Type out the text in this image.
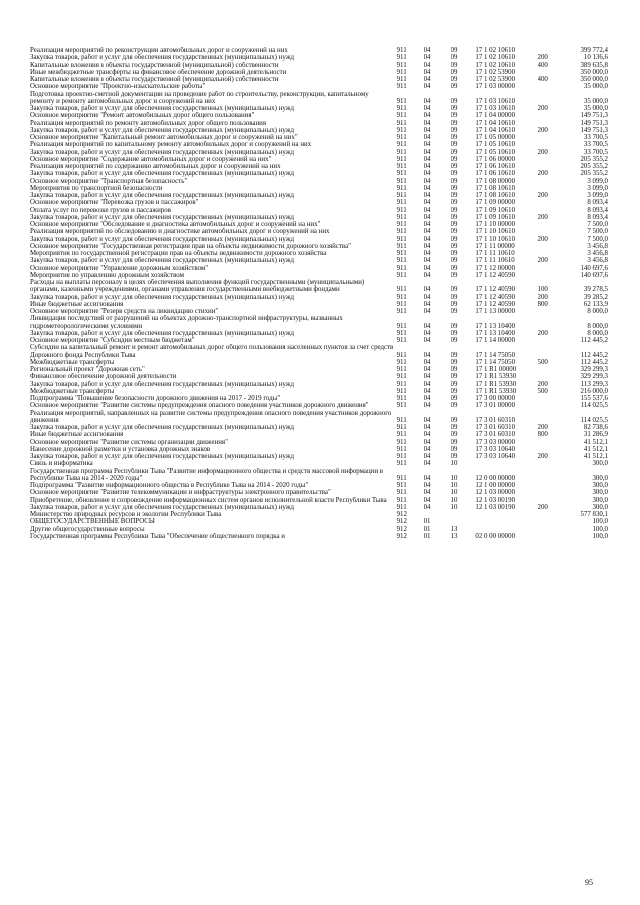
Реализация мероприятий по реконструкции автомобильных дорог и сооружений на них	911	04	09	17 1 02 10610		399 772,4
Закупка товаров, работ и услуг для обеспечения государственных (муниципальных) нужд	911	04	09	17 1 02 10610	200	10 136,6
Капитальные вложения в объекты государственной (муниципальной) собственности	911	04	09	17 1 02 10610	400	389 635,8
Иные межбюджетные трансферты на финансовое обеспечение дорожной деятельности	911	04	09	17 1 02 53900		350 000,0
Капитальные вложения в объекты государственной (муниципальной) собственности	911	04	09	17 1 02 53900	400	350 000,0
Основное мероприятие "Проектно-изыскательские работы"	911	04	09	17 1 03 00000		35 000,0
Подготовка проектно-сметной документации на проведение работ по строительству, реконструкции, капитальному ремонту и ремонту автомобильных дорог и сооружений на них	911	04	09	17 1 03 10610		35 000,0
Закупка товаров, работ и услуг для обеспечения государственных (муниципальных) нужд	911	04	09	17 1 03 10610	200	35 000,0
Основное мероприятие "Ремонт автомобильных дорог общего пользования"	911	04	09	17 1 04 00000		149 751,3
Реализация мероприятий по ремонту автомобильных дорог общего пользования	911	04	09	17 1 04 10610		149 751,3
Закупка товаров, работ и услуг для обеспечения государственных (муниципальных) нужд	911	04	09	17 1 04 10610	200	149 751,3
Основное мероприятие "Капитальный ремонт автомобильных дорог и сооружений на них"	911	04	09	17 1 05 00000		33 700,5
Реализация мероприятий по капитальному ремонту автомобильных дорог и сооружений на них	911	04	09	17 1 05 10610		33 700,5
Закупка товаров, работ и услуг для обеспечения государственных (муниципальных) нужд	911	04	09	17 1 05 10610	200	33 700,5
Основное мероприятие "Содержание автомобильных дорог и сооружений на них"	911	04	09	17 1 06 00000		205 355,2
Реализация мероприятий по содержанию автомобильных дорог и сооружений на них	911	04	09	17 1 06 10610		205 355,2
Закупка товаров, работ и услуг для обеспечения государственных (муниципальных) нужд	911	04	09	17 1 06 10610	200	205 355,2
Основное мероприятие "Транспортная безопасность"	911	04	09	17 1 08 00000		3 099,0
Мероприятия по транспортной безопасности	911	04	09	17 1 08 10610		3 099,0
Закупка товаров, работ и услуг для обеспечения государственных (муниципальных) нужд	911	04	09	17 1 08 10610	200	3 099,0
Основное мероприятие "Перевозка грузов и пассажиров"	911	04	09	17 1 09 00000		8 093,4
Оплата услуг по перевозке грузов и пассажиров	911	04	09	17 1 09 10610		8 093,4
Закупка товаров, работ и услуг для обеспечения государственных (муниципальных) нужд	911	04	09	17 1 09 10610	200	8 093,4
Основное мероприятие "Обследование и диагностика автомобильных дорог и сооружений на них"	911	04	09	17 1 10 00000		7 500,0
Реализация мероприятий по обследованию и диагностике автомобильных дорог и сооружений на них	911	04	09	17 1 10 10610		7 500,0
Закупка товаров, работ и услуг для обеспечения государственных (муниципальных) нужд	911	04	09	17 1 10 10610	200	7 500,0
Основное мероприятие "Государственная регистрация прав на объекты недвижимости дорожного хозяйства"	911	04	09	17 1 11 00000		3 456,8
Мероприятия по государственной регистрации прав на объекты недвижимости дорожного хозяйства	911	04	09	17 1 11 10610		3 456,8
Закупка товаров, работ и услуг для обеспечения государственных (муниципальных) нужд	911	04	09	17 1 11 10610	200	3 456,8
Основное мероприятие "Управление дорожным хозяйством"	911	04	09	17 1 12 00000		140 697,6
Мероприятия по управлению дорожным хозяйством	911	04	09	17 1 12 40590		140 697,6
Расходы на выплаты персоналу в целях обеспечения выполнения функций государственными (муниципальными) органами, казенными учреждениями, органами управления государственными внебюджетными фондами	911	04	09	17 1 12 40590	100	39 278,5
Закупка товаров, работ и услуг для обеспечения государственных (муниципальных) нужд	911	04	09	17 1 12 40590	200	39 285,2
Иные бюджетные ассигнования	911	04	09	17 1 12 40590	800	62 133,9
Основное мероприятие "Резерв средств на ликвидацию стихии"	911	04	09	17 1 13 00000		8 000,0
Ликвидация последствий от разрушений на объектах дорожно-транспортной инфраструктуры, вызванных гидрометеорологическими условиями	911	04	09	17 1 13 10400		8 000,0
Закупка товаров, работ и услуг для обеспечения государственных (муниципальных) нужд	911	04	09	17 1 13 10400	200	8 000,0
Основное мероприятие "Субсидии местным бюджетам"	911	04	09	17 1 14 00000		112 445,2
Субсидии на капитальный ремонт и ремонт автомобильных дорог общего пользования населенных пунктов за счет средств Дорожного фонда Республики Тыва	911	04	09	17 1 14 75050		112 445,2
Межбюджетные трансферты	911	04	09	17 1 14 75050	500	112 445,2
Региональный проект "Дорожная сеть"	911	04	09	17 1 R1 00000		329 299,3
Финансовое обеспечение дорожной деятельности	911	04	09	17 1 R1 53930		329 299,3
Закупка товаров, работ и услуг для обеспечения государственных (муниципальных) нужд	911	04	09	17 1 R1 53930	200	113 299,3
Межбюджетные трансферты	911	04	09	17 1 R1 53930	500	216 000,0
Подпрограмма "Повышение безопасности дорожного движения на 2017 - 2019 годы"	911	04	09	17 3 00 00000		155 537,6
Основное мероприятие "Развитие системы предупреждения опасного поведения участников дорожного движения"	911	04	09	17 3 01 00000		114 025,5
Реализация мероприятий, направленных на развитие системы предупреждения опасного поведения участников дорожного движения	911	04	09	17 3 01 60310		114 025,5
Закупка товаров, работ и услуг для обеспечения государственных (муниципальных) нужд	911	04	09	17 3 01 60310	200	82 738,6
Иные бюджетные ассигнования	911	04	09	17 3 01 60310	800	31 286,9
Основное мероприятие "Развитие системы организации движения"	911	04	09	17 3 03 00000		41 512,1
Нанесение дорожной разметки и установка дорожных знаков	911	04	09	17 3 03 10640		41 512,1
Закупка товаров, работ и услуг для обеспечения государственных (муниципальных) нужд	911	04	09	17 3 03 10640	200	41 512,1
Связь и информатика	911	04	10			300,0
Государственная программа Республики Тыва "Развитие информационного общества и средств массовой информации в Республике Тыва на 2014 - 2020 годы"	911	04	10	12 0 00 00000		300,0
Подпрограмма "Развитие информационного общества в Республике Тыва на 2014 - 2020 годы"	911	04	10	12 1 00 00000		300,0
Основное мероприятие "Развитие телекоммуникации и инфраструктуры электронного правительства"	911	04	10	12 1 03 00000		300,0
Приобретение, обновление и сопровождение информационных систем органов исполнительной власти Республики Тыва	911	04	10	12 1 03 00190		300,0
Закупка товаров, работ и услуг для обеспечения государственных (муниципальных) нужд	911	04	10	12 1 03 00190	200	300,0
Министерство природных ресурсов и экологии Республики Тыва	912					577 830,1
ОБЩЕГОСУДАРСТВЕННЫЕ ВОПРОСЫ	912	01				100,0
Другие общегосударственные вопросы	912	01	13			100,0
Государственная программа Республики Тыва "Обеспечение общественного порядка и	912	01	13	02 0 00 00000		100,0
95
